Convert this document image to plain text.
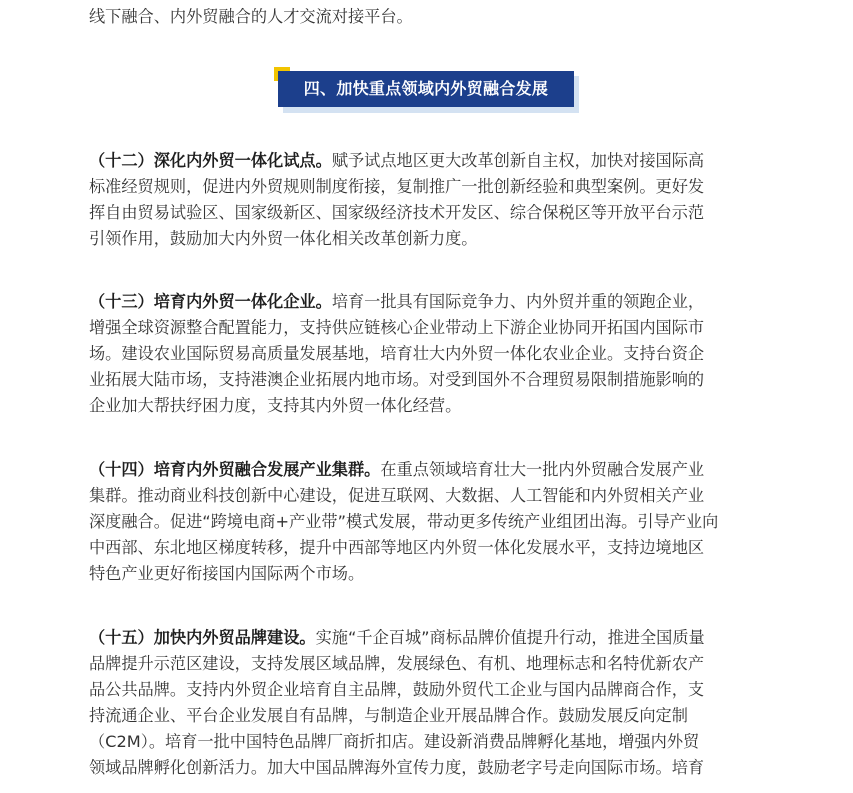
线下融合、内外贸融合的人才交流对接平台。
四、加快重点领域内外贸融合发展
（十二）深化内外贸一体化试点。赋予试点地区更大改革创新自主权，加快对接国际高
标准经贸规则，促进内外贸规则制度衔接，复制推广一批创新经验和典型案例。更好发
挥自由贸易试验区、国家级新区、国家级经济技术开发区、综合保税区等开放平台示范
引领作用，鼓励加大内外贸一体化相关改革创新力度。
（十三）培育内外贸一体化企业。培育一批具有国际竞争力、内外贸并重的领跑企业，
增强全球资源整合配置能力，支持供应链核心企业带动上下游企业协同开拓国内国际市
场。建设农业国际贸易高质量发展基地，培育壮大内外贸一体化农业企业。支持台资企
业拓展大陆市场，支持港澳企业拓展内地市场。对受到国外不合理贸易限制措施影响的
企业加大帮扶纾困力度，支持其内外贸一体化经营。
（十四）培育内外贸融合发展产业集群。在重点领域培育壮大一批内外贸融合发展产业
集群。推动商业科技创新中心建设，促进互联网、大数据、人工智能和内外贸相关产业
深度融合。促进“跨境电商+产业带”模式发展，带动更多传统产业组团出海。引导产业向
中西部、东北地区梯度转移，提升中西部等地区内外贸一体化发展水平，支持边境地区
特色产业更好衔接国内国际两个市场。
（十五）加快内外贸品牌建设。实施“千企百城”商标品牌价值提升行动，推进全国质量
品牌提升示范区建设，支持发展区域品牌，发展绿色、有机、地理标志和名特优新农产
品公共品牌。支持内外贸企业培育自主品牌，鼓励外贸代工企业与国内品牌商合作，支
持流通企业、平台企业发展自有品牌，与制造企业开展品牌合作。鼓励发展反向定制
（C2M）。培育一批中国特色品牌厂商折扣店。建设新消费品牌孵化基地，增强内外贸
领域品牌孵化创新活力。加大中国品牌海外宣传力度，鼓励老字号走向国际市场。培育
